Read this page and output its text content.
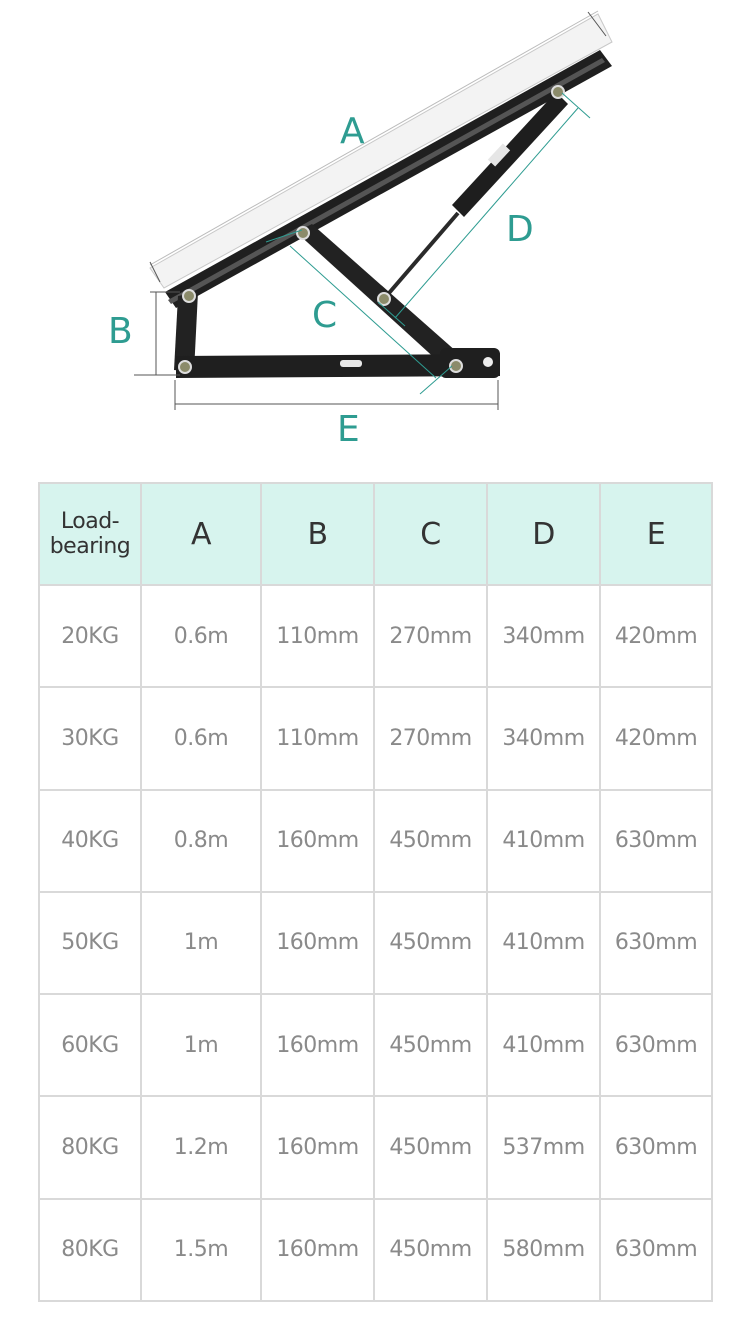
A
B	C
D
E
Load-
bearing	A	B	C	D	E
20KG	0.6m	110mm	270mm	340mm	420mm
30KG	0.6m	110mm	270mm	340mm	420mm
40KG	0.8m	160mm	450mm	410mm	630mm
50KG	1m	160mm	450mm	410mm	630mm
60KG	1m	160mm	450mm	410mm	630mm
80KG	1.2m	160mm	450mm	537mm	630mm
80KG	1.5m	160mm	450mm	580mm	630mm
